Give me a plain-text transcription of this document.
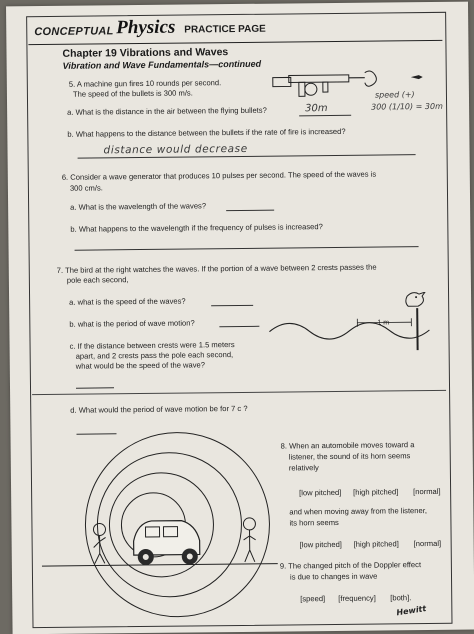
CONCEPTUAL Physics PRACTICE PAGE
Chapter 19 Vibrations and Waves
Vibration and Wave Fundamentals—continued
5. A machine gun fires 10 rounds per second.
The speed of the bullets is 300 m/s.	speed (+)
300 (1/10) = 30m
a. What is the distance in the air between the flying bullets?	30m
b. What happens to the distance between the bullets if the rate of fire is increased?
distance would decrease
6. Consider a wave generator that produces 10 pulses per second. The speed of the waves is
300 cm/s.
a. What is the wavelength of the waves?
b. What happens to the wavelength if the frequency of pulses is increased?
7. The bird at the right watches the waves. If the portion of a wave between 2 crests passes the
pole each second,
a. what is the speed of the waves?
b. what is the period of wave motion?
c. If the distance between crests were 1.5 meters
apart, and 2 crests pass the pole each second,
what would be the speed of the wave?
1 m
d. What would the period of wave motion be for 7 c ?
8. When an automobile moves toward a
listener, the sound of its horn seems
relatively
[low pitched] [high pitched] [normal]
and when moving away from the listener,
its horn seems
[low pitched] [high pitched] [normal]
9. The changed pitch of the Doppler effect
is due to changes in wave
[speed] [frequency] [both].
Hewitt
